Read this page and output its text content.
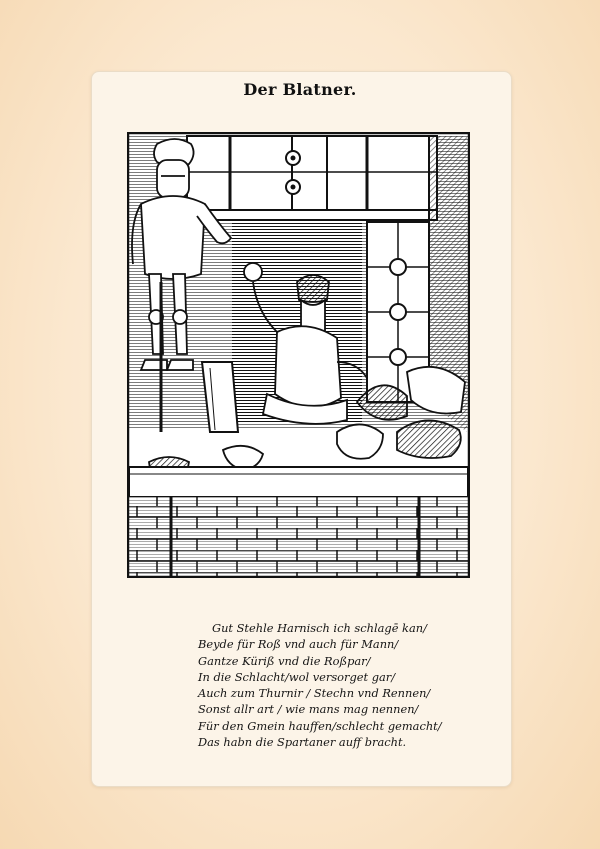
Der Blatner.
Gut Stehle Harnisch ich schlagē kan/
Beyde für Roß vnd auch für Mann/
Gantze Küriß vnd die Roßpar/
In die Schlacht/wol versorget gar/
Auch zum Thurnir / Stechn vnd Rennen/
Sonst allr art / wie mans mag nennen/
Für den Gmein hauffen/schlecht gemacht/
Das habn die Spartaner auff bracht.
